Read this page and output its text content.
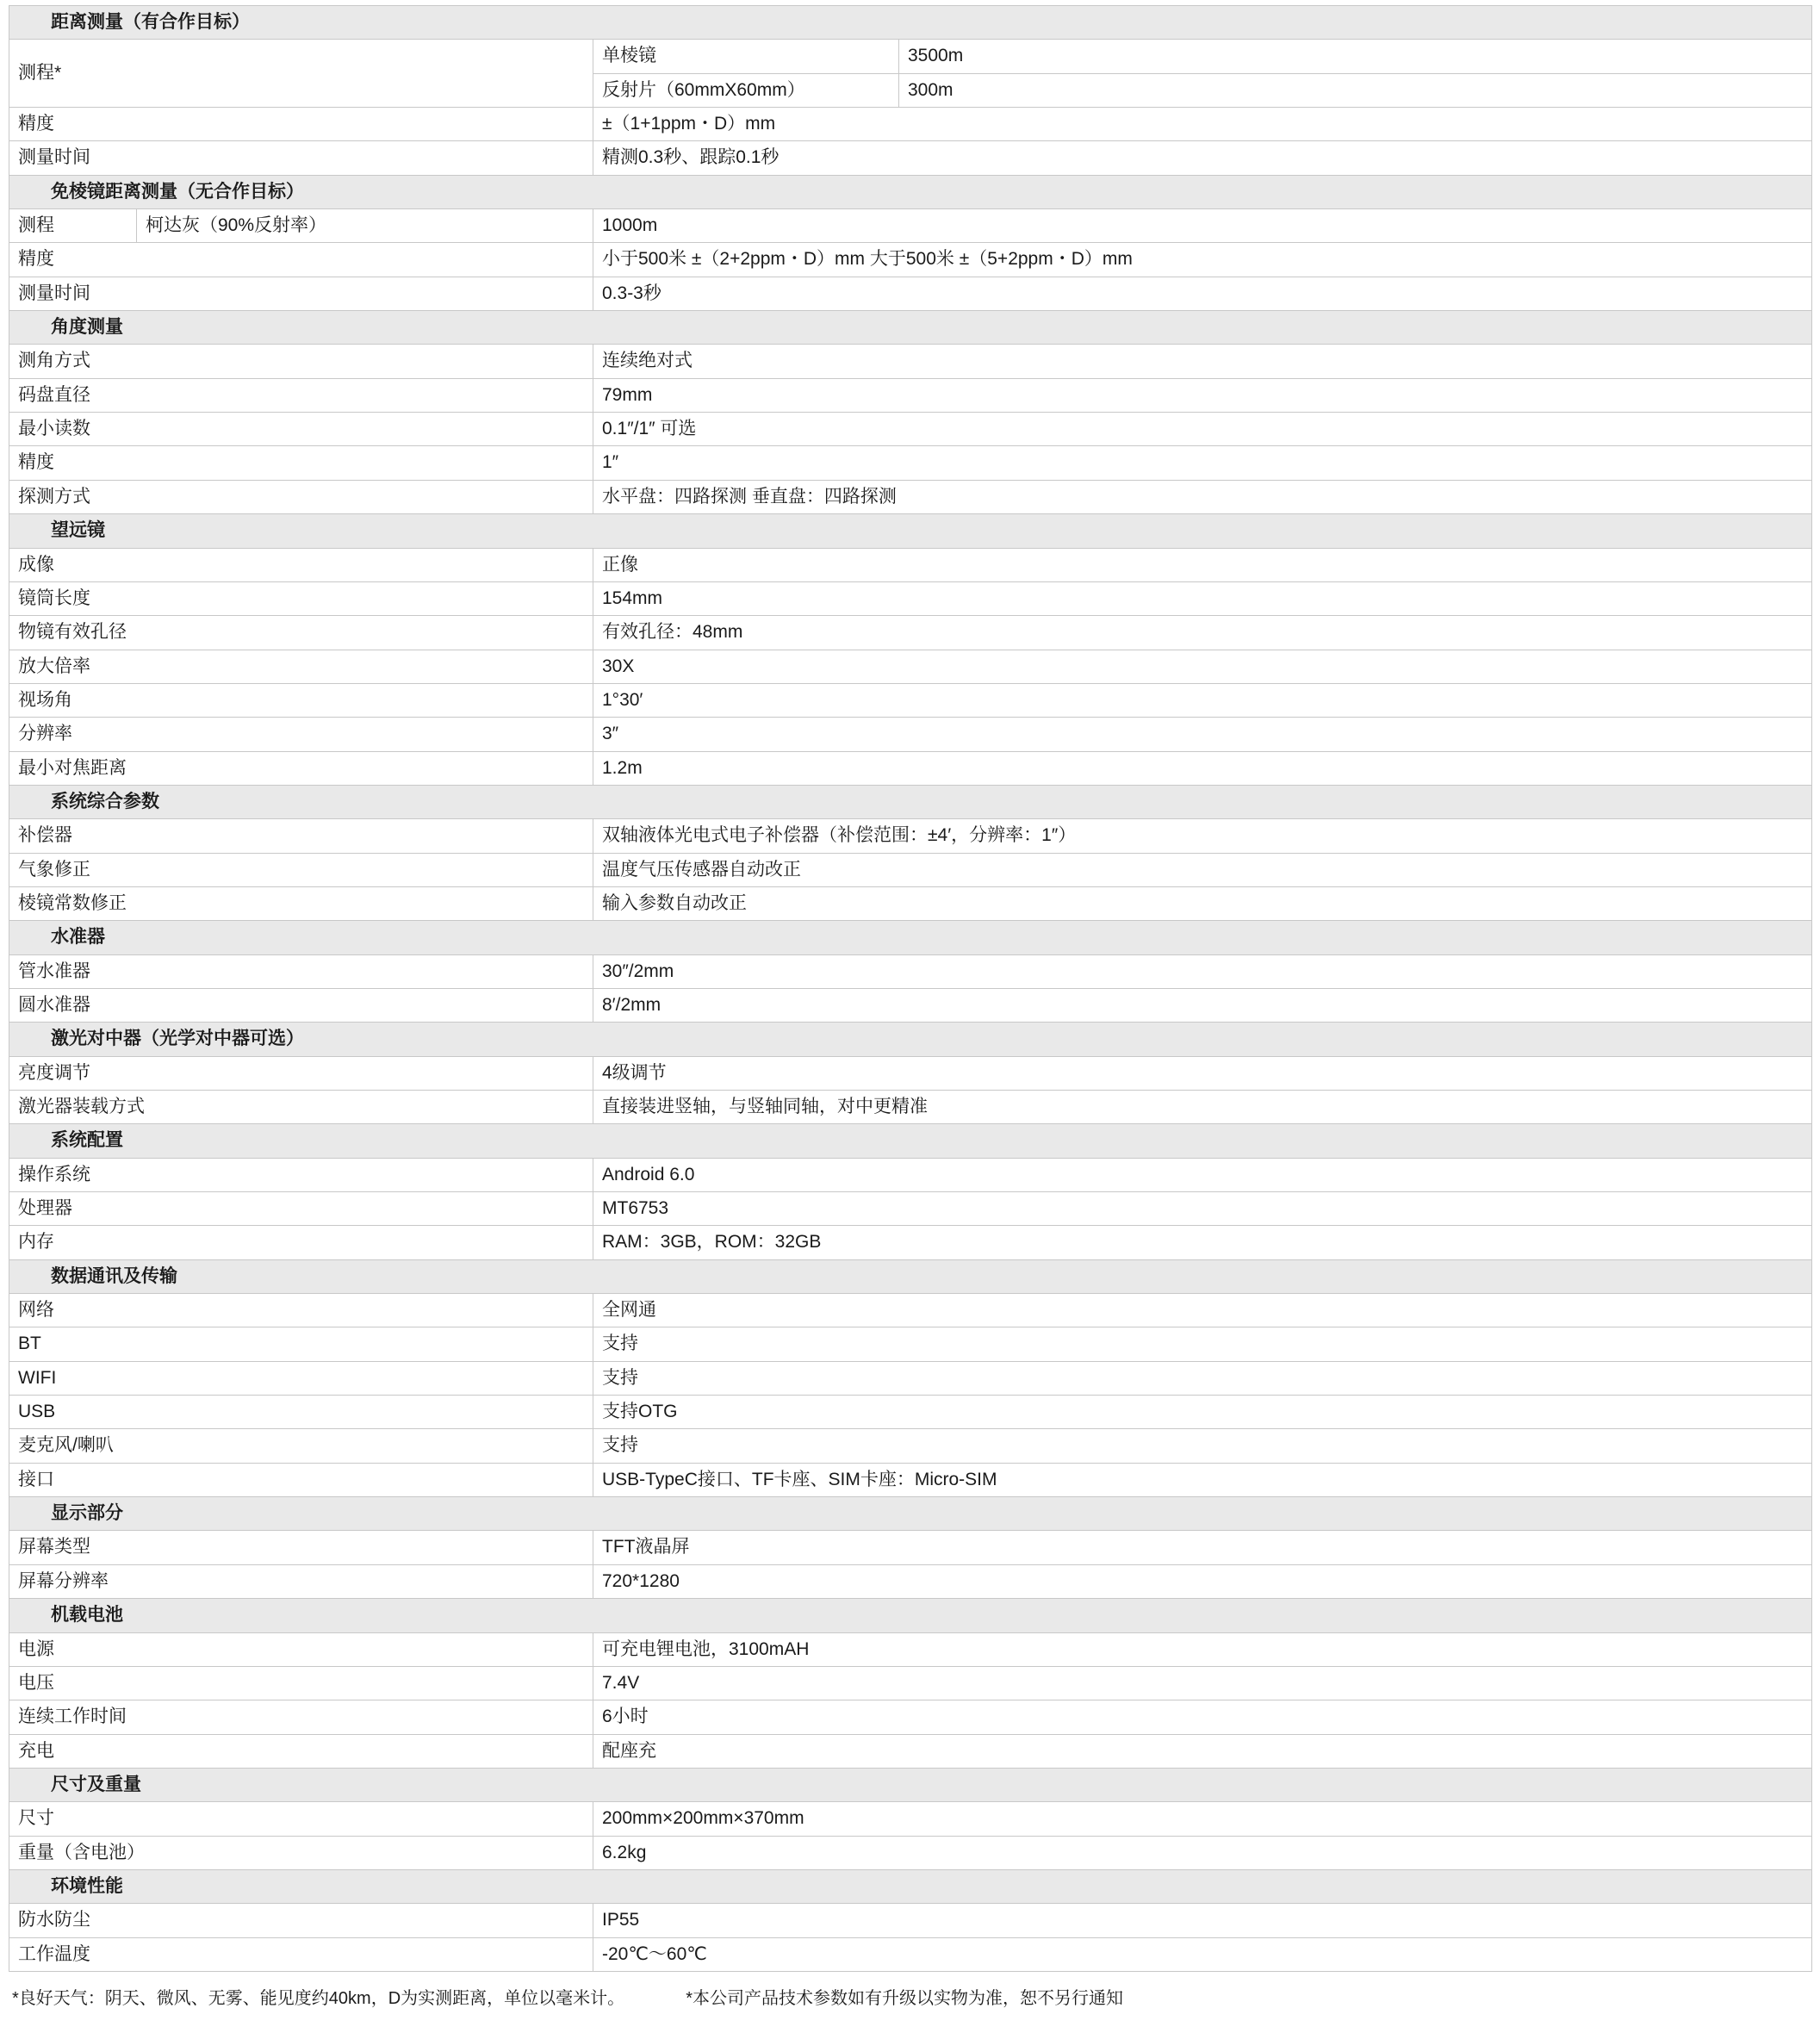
距离测量（有合作目标）			
测程*		单棱镜	3500m
		反射片（60mmX60mm）	300m
精度		±（1+1ppm・D）mm	
测量时间		精测0.3秒、跟踪0.1秒	
免棱镜距离测量（无合作目标）			
测程	柯达灰（90%反射率）	1000m	
精度		小于500米 ±（2+2ppm・D）mm 大于500米 ±（5+2ppm・D）mm	
测量时间		0.3-3秒	
角度测量			
测角方式		连续绝对式	
码盘直径		79mm	
最小读数		0.1″/1″ 可选	
精度		1″	
探测方式		水平盘：四路探测 垂直盘：四路探测	
望远镜			
成像		正像	
镜筒长度		154mm	
物镜有效孔径		有效孔径：48mm	
放大倍率		30X	
视场角		1°30′	
分辨率		3″	
最小对焦距离		1.2m	
系统综合参数			
补偿器		双轴液体光电式电子补偿器（补偿范围：±4′，分辨率：1″）	
气象修正		温度气压传感器自动改正	
棱镜常数修正		输入参数自动改正	
水准器			
管水准器		30″/2mm	
圆水准器		8′/2mm	
激光对中器（光学对中器可选）			
亮度调节		4级调节	
激光器装载方式		直接装进竖轴，与竖轴同轴，对中更精准	
系统配置			
操作系统		Android 6.0	
处理器		MT6753	
内存		RAM：3GB，ROM：32GB	
数据通讯及传输			
网络		全网通	
BT		支持	
WIFI		支持	
USB		支持OTG	
麦克风/喇叭		支持	
接口		USB-TypeC接口、TF卡座、SIM卡座：Micro-SIM	
显示部分			
屏幕类型		TFT液晶屏	
屏幕分辨率		720*1280	
机载电池			
电源		可充电锂电池，3100mAH	
电压		7.4V	
连续工作时间		6小时	
充电		配座充	
尺寸及重量			
尺寸		200mm×200mm×370mm	
重量（含电池）		6.2kg	
环境性能			
防水防尘		IP55	
工作温度		-20℃～60℃	
*良好天气：阴天、微风、无雾、能见度约40km，D为实测距离，单位以毫米计。	*本公司产品技术参数如有升级以实物为准，恕不另行通知
